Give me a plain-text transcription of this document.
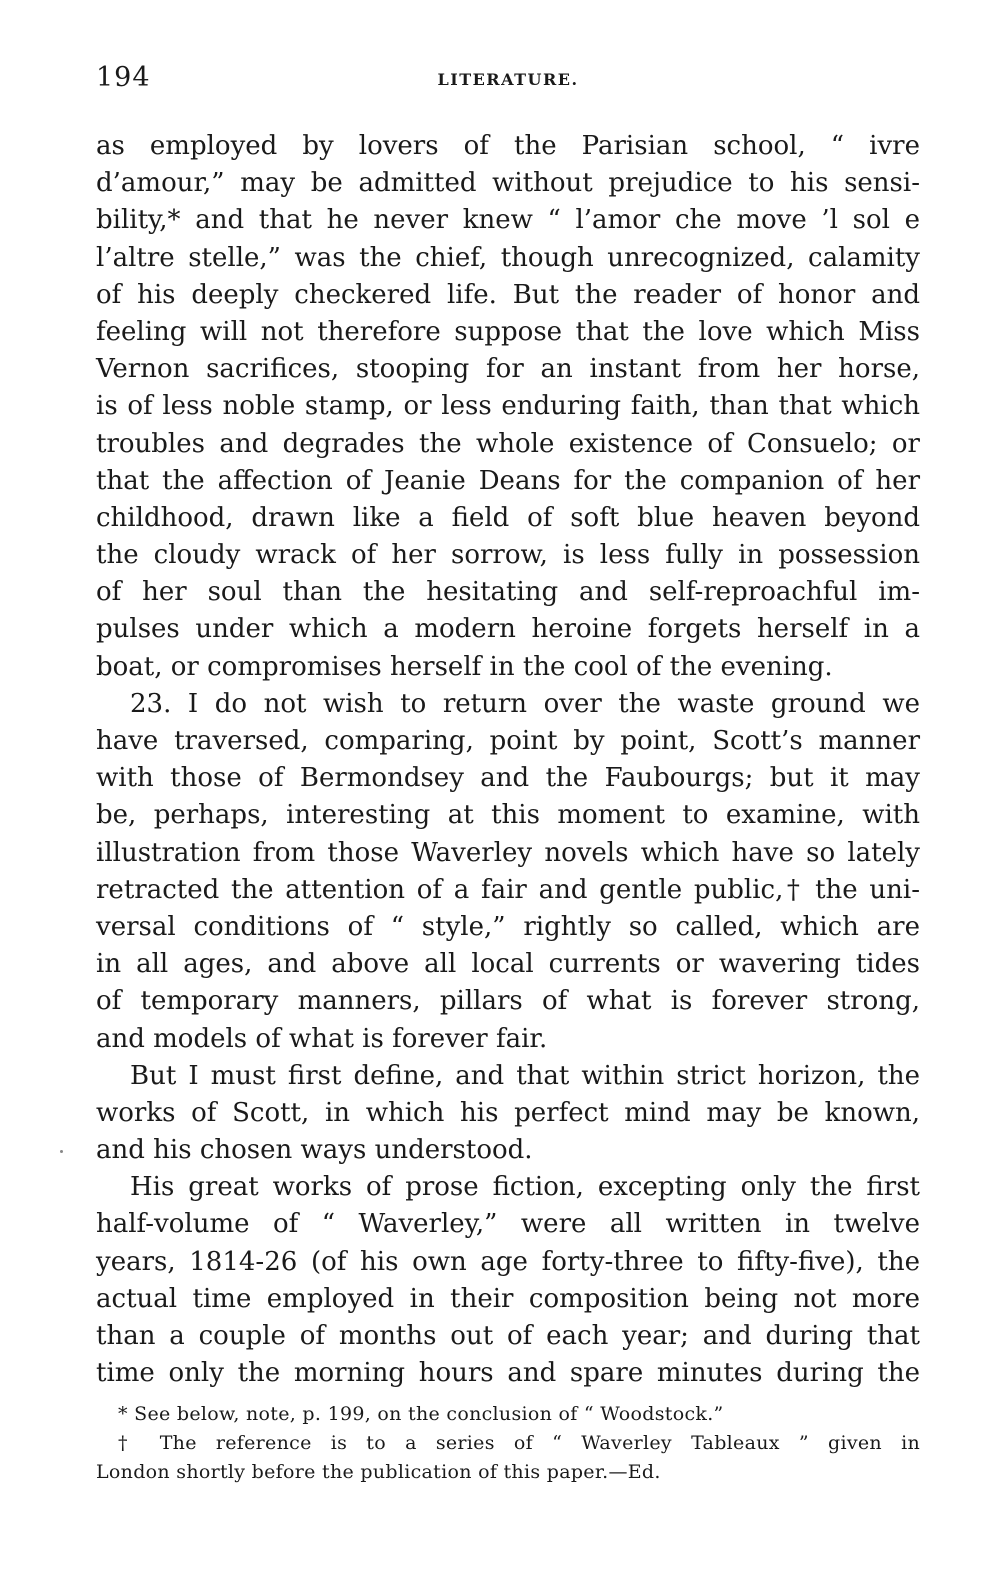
194	LITERATURE.
as employed by lovers of the Parisian school, “ ivre
d’amour,” may be admitted without prejudice to his sensi-
bility,* and that he never knew “ l’amor che move ’l sol e
l’altre stelle,” was the chief, though unrecognized, calamity
of his deeply checkered life. But the reader of honor and
feeling will not therefore suppose that the love which Miss
Vernon sacrifices, stooping for an instant from her horse,
is of less noble stamp, or less enduring faith, than that which
troubles and degrades the whole existence of Consuelo; or
that the affection of Jeanie Deans for the companion of her
childhood, drawn like a field of soft blue heaven beyond
the cloudy wrack of her sorrow, is less fully in possession
of her soul than the hesitating and self-reproachful im-
pulses under which a modern heroine forgets herself in a
boat, or compromises herself in the cool of the evening.
23. I do not wish to return over the waste ground we
have traversed, comparing, point by point, Scott’s manner
with those of Bermondsey and the Faubourgs; but it may
be, perhaps, interesting at this moment to examine, with
illustration from those Waverley novels which have so lately
retracted the attention of a fair and gentle public,† the uni-
versal conditions of “ style,” rightly so called, which are
in all ages, and above all local currents or wavering tides
of temporary manners, pillars of what is forever strong,
and models of what is forever fair.
But I must first define, and that within strict horizon, the
works of Scott, in which his perfect mind may be known,
and his chosen ways understood.
His great works of prose fiction, excepting only the first
half-volume of “ Waverley,” were all written in twelve
years, 1814-26 (of his own age forty-three to fifty-five), the
actual time employed in their composition being not more
than a couple of months out of each year; and during that
time only the morning hours and spare minutes during the
* See below, note, p. 199, on the conclusion of “ Woodstock.”
† The reference is to a series of “ Waverley Tableaux ” given in
London shortly before the publication of this paper.—Ed.
